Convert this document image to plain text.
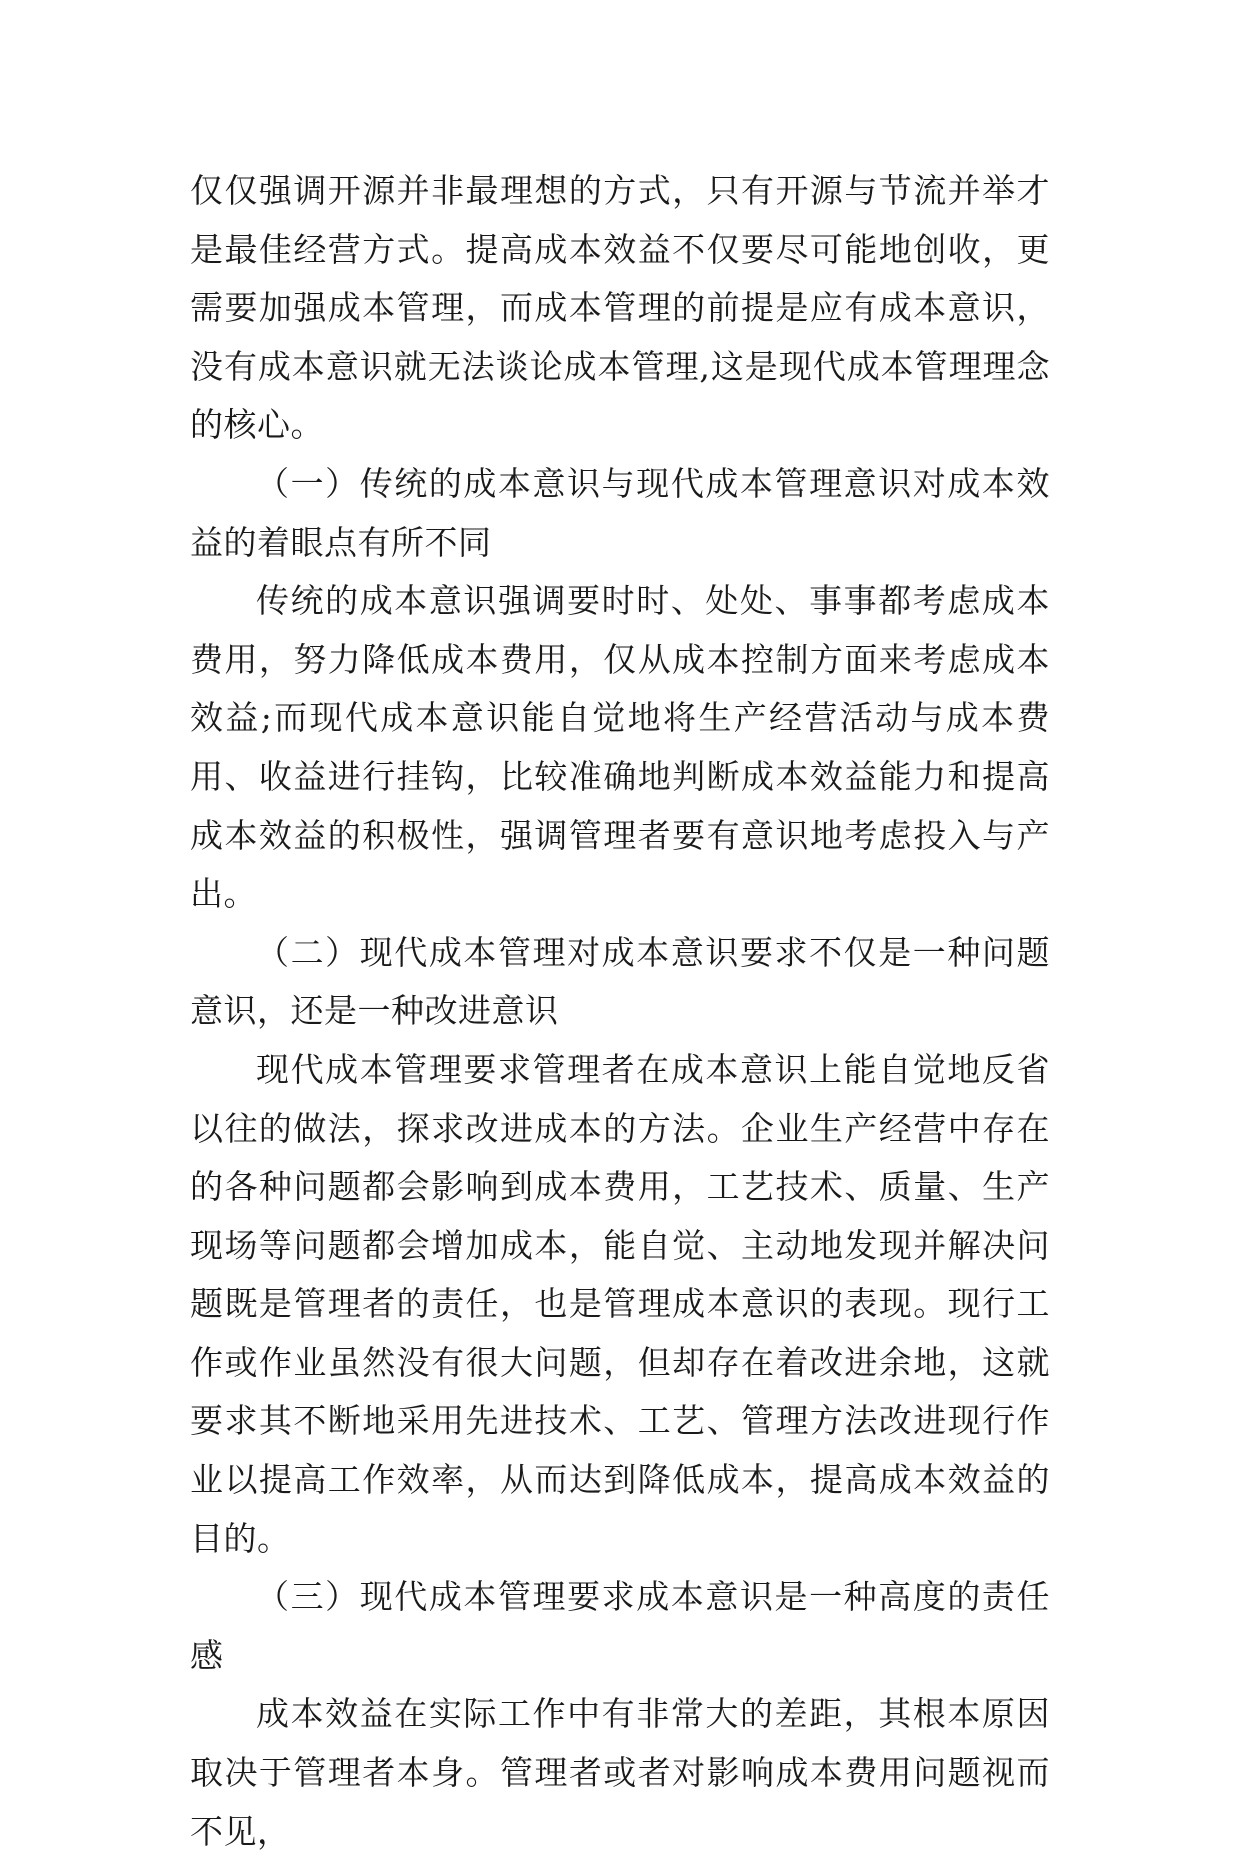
仅仅强调开源并非最理想的方式，只有开源与节流并举才是最佳经营方式。提高成本效益不仅要尽可能地创收，更需要加强成本管理，而成本管理的前提是应有成本意识，没有成本意识就无法谈论成本管理,这是现代成本管理理念的核心。

（一）传统的成本意识与现代成本管理意识对成本效益的着眼点有所不同

传统的成本意识强调要时时、处处、事事都考虑成本费用，努力降低成本费用，仅从成本控制方面来考虑成本效益;而现代成本意识能自觉地将生产经营活动与成本费用、收益进行挂钩，比较准确地判断成本效益能力和提高成本效益的积极性，强调管理者要有意识地考虑投入与产出。

（二）现代成本管理对成本意识要求不仅是一种问题意识，还是一种改进意识

现代成本管理要求管理者在成本意识上能自觉地反省以往的做法，探求改进成本的方法。企业生产经营中存在的各种问题都会影响到成本费用，工艺技术、质量、生产现场等问题都会增加成本，能自觉、主动地发现并解决问题既是管理者的责任，也是管理成本意识的表现。现行工作或作业虽然没有很大问题，但却存在着改进余地，这就要求其不断地采用先进技术、工艺、管理方法改进现行作业以提高工作效率，从而达到降低成本，提高成本效益的目的。

（三）现代成本管理要求成本意识是一种高度的责任感

成本效益在实际工作中有非常大的差距，其根本原因取决于管理者本身。管理者或者对影响成本费用问题视而不见，
